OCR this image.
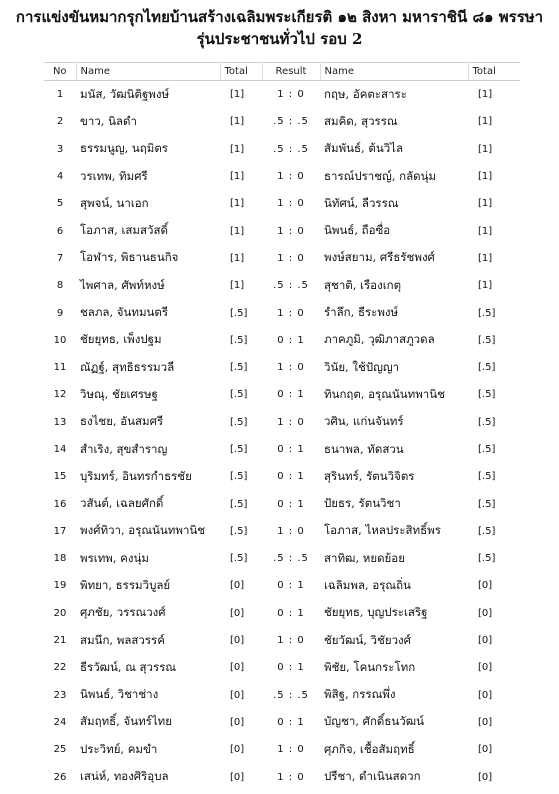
การแข่งขันหมากรุกไทยบ้านสร้างเฉลิมพระเกียรติ ๑๒ สิงหา มหาราชินี ๘๑ พรรษา
รุ่นประชาชนทั่วไป รอบ 2
No	Name	Total	Result	Name	Total
1	มนัส, วัฒนิติฐพงษ์	[1]	1 : 0	กฤษ, อัคตะสาระ	[1]
2	ขาว, นิลดำ	[1]	.5 : .5	สมคิด, สุวรรณ	[1]
3	ธรรมนูญ, นฤมิตร	[1]	.5 : .5	สัมพันธ์, ต้นวิไล	[1]
4	วรเทพ, ทิมศรี	[1]	1 : 0	ธารณ์ปราชญ์, กลัดนุ่ม	[1]
5	สุพจน์, นาเอก	[1]	1 : 0	นิทัศน์, ลีวรรณ	[1]
6	โอภาส, เสมสวัสดิ์	[1]	1 : 0	นิพนธ์, ถือซื่อ	[1]
7	โอฬาร, พิธานธนกิจ	[1]	1 : 0	พงษ์สยาม, ศรีธรัชพงศ์	[1]
8	ไพศาล, ศัพท์หงษ์	[1]	.5 : .5	สุชาติ, เรืองเกตุ	[1]
9	ชลภล, จันทมนตรี	[.5]	1 : 0	รำลึก, ธีระพงษ์	[.5]
10	ชัยยุทธ, เพ็งปฐม	[.5]	0 : 1	ภาคภูมิ, วุฒิภาสภูวดล	[.5]
11	ณัฏฐ์, สุทธิธรรมวลี	[.5]	1 : 0	วินัย, ใช้ปัญญา	[.5]
12	วิษณุ, ชัยเศรษฐ	[.5]	0 : 1	ทินกฤต, อรุณนันทพานิช	[.5]
13	ธงไชย, อันสมศรี	[.5]	1 : 0	วศิน, แก่นจันทร์	[.5]
14	สำเริง, สุขสำราญ	[.5]	0 : 1	ธนาพล, ทัดสวน	[.5]
15	บุริมทร์, อินทรกำธรชัย	[.5]	0 : 1	สุรินทร์, รัตนวิจิตร	[.5]
16	วสันต์, เฉลยศักดิ์	[.5]	0 : 1	ปัยธร, รัตนวิชา	[.5]
17	พงศ์ทิวา, อรุณนันทพานิช	[.5]	1 : 0	โอภาส, ไหลประสิทธิ์พร	[.5]
18	พรเทพ, คงนุ่ม	[.5]	.5 : .5	สาทิฒ, หยดย้อย	[.5]
19	พิทยา, ธรรมวิบูลย์	[0]	0 : 1	เฉลิมพล, อรุณถิ่น	[0]
20	ศุภชัย, วรรณวงศ์	[0]	0 : 1	ชัยยุทธ, บุญประเสริฐ	[0]
21	สมนึก, พลสวรรค์	[0]	1 : 0	ชัยวัฒน์, วิชัยวงศ์	[0]
22	ธีรวัฒน์, ณ สุวรรณ	[0]	0 : 1	พิชัย, โคนกระโทก	[0]
23	นิพนธ์, วิชาช่าง	[0]	.5 : .5	พิสิฐ, กรรณพึ่ง	[0]
24	สัมฤทธิ์, จันทร์ไทย	[0]	0 : 1	บัญชา, ศักดิ์ธนวัฒน์	[0]
25	ประวิทย์, คมขำ	[0]	1 : 0	ศุภกิจ, เชื้อสัมฤทธิ์	[0]
26	เสน่ห์, ทองศิริอุบล	[0]	1 : 0	ปรีชา, ดำเนินสดวก	[0]
